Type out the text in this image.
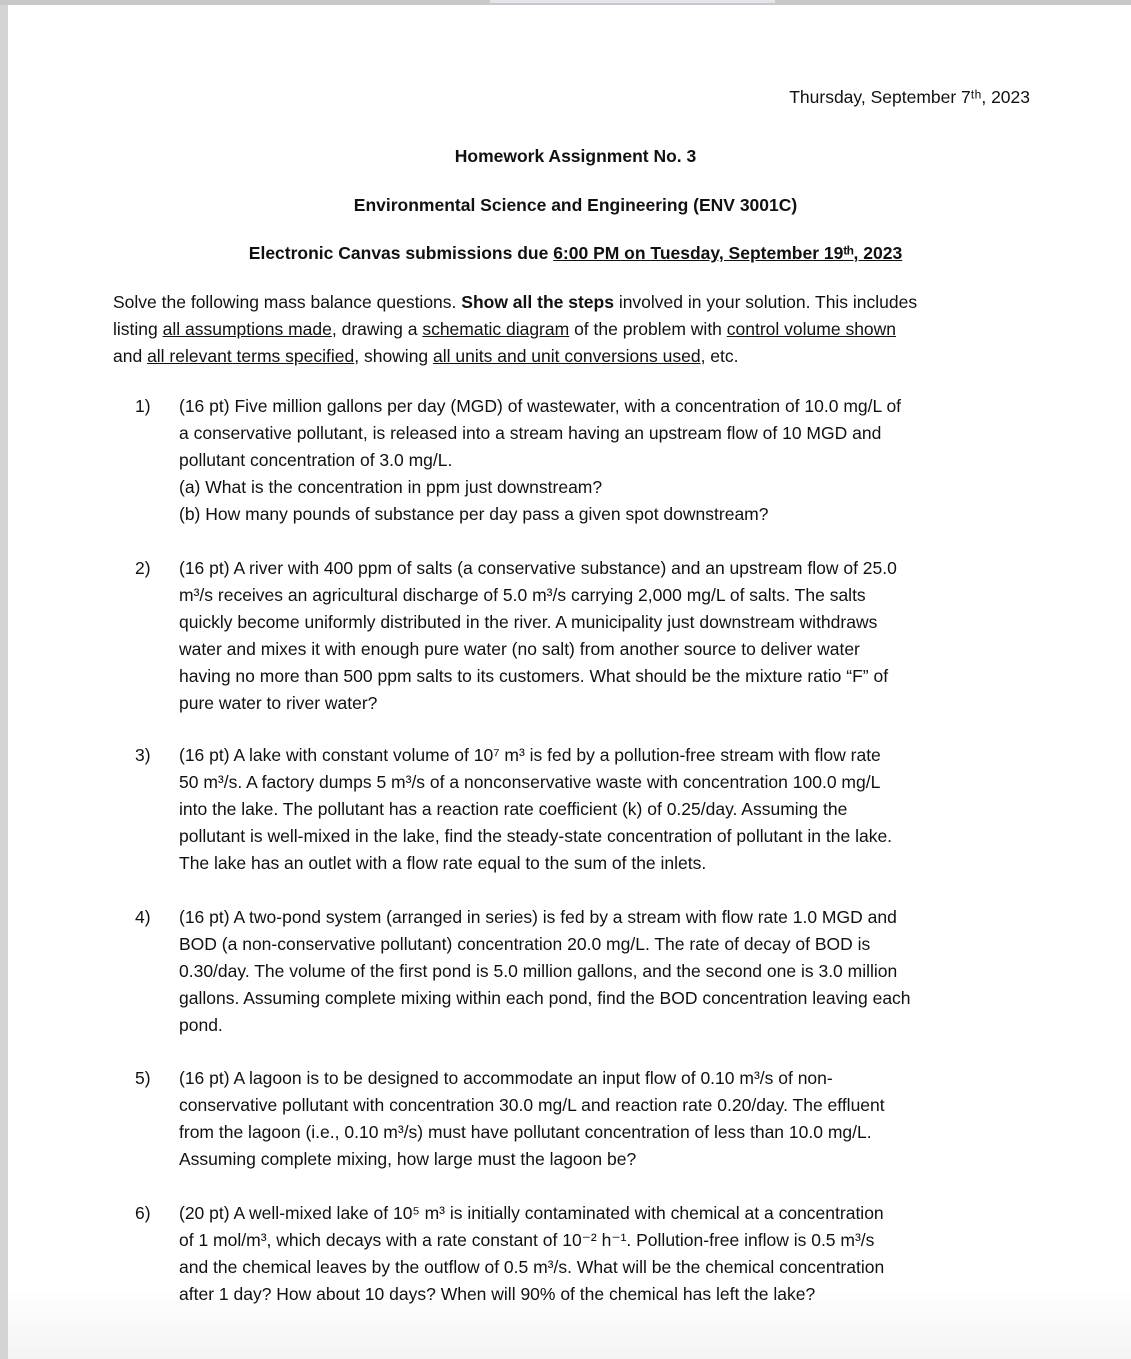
Thursday, September 7ᵗʰ, 2023
Homework Assignment No. 3
Environmental Science and Engineering (ENV 3001C)
Electronic Canvas submissions due 6:00 PM on Tuesday, September 19ᵗʰ, 2023
Solve the following mass balance questions. Show all the steps involved in your solution. This includes
listing all assumptions made, drawing a schematic diagram of the problem with control volume shown
and all relevant terms specified, showing all units and unit conversions used, etc.
1) (16 pt) Five million gallons per day (MGD) of wastewater, with a concentration of 10.0 mg/L of
a conservative pollutant, is released into a stream having an upstream flow of 10 MGD and
pollutant concentration of 3.0 mg/L.
(a) What is the concentration in ppm just downstream?
(b) How many pounds of substance per day pass a given spot downstream?
2) (16 pt) A river with 400 ppm of salts (a conservative substance) and an upstream flow of 25.0
m³/s receives an agricultural discharge of 5.0 m³/s carrying 2,000 mg/L of salts. The salts
quickly become uniformly distributed in the river. A municipality just downstream withdraws
water and mixes it with enough pure water (no salt) from another source to deliver water
having no more than 500 ppm salts to its customers. What should be the mixture ratio “F” of
pure water to river water?
3) (16 pt) A lake with constant volume of 10⁷ m³ is fed by a pollution-free stream with flow rate
50 m³/s. A factory dumps 5 m³/s of a nonconservative waste with concentration 100.0 mg/L
into the lake. The pollutant has a reaction rate coefficient (k) of 0.25/day. Assuming the
pollutant is well-mixed in the lake, find the steady-state concentration of pollutant in the lake.
The lake has an outlet with a flow rate equal to the sum of the inlets.
4) (16 pt) A two-pond system (arranged in series) is fed by a stream with flow rate 1.0 MGD and
BOD (a non-conservative pollutant) concentration 20.0 mg/L. The rate of decay of BOD is
0.30/day. The volume of the first pond is 5.0 million gallons, and the second one is 3.0 million
gallons. Assuming complete mixing within each pond, find the BOD concentration leaving each
pond.
5) (16 pt) A lagoon is to be designed to accommodate an input flow of 0.10 m³/s of non-
conservative pollutant with concentration 30.0 mg/L and reaction rate 0.20/day. The effluent
from the lagoon (i.e., 0.10 m³/s) must have pollutant concentration of less than 10.0 mg/L.
Assuming complete mixing, how large must the lagoon be?
6) (20 pt) A well-mixed lake of 10⁵ m³ is initially contaminated with chemical at a concentration
of 1 mol/m³, which decays with a rate constant of 10⁻² h⁻¹. Pollution-free inflow is 0.5 m³/s
and the chemical leaves by the outflow of 0.5 m³/s. What will be the chemical concentration
after 1 day? How about 10 days? When will 90% of the chemical has left the lake?
